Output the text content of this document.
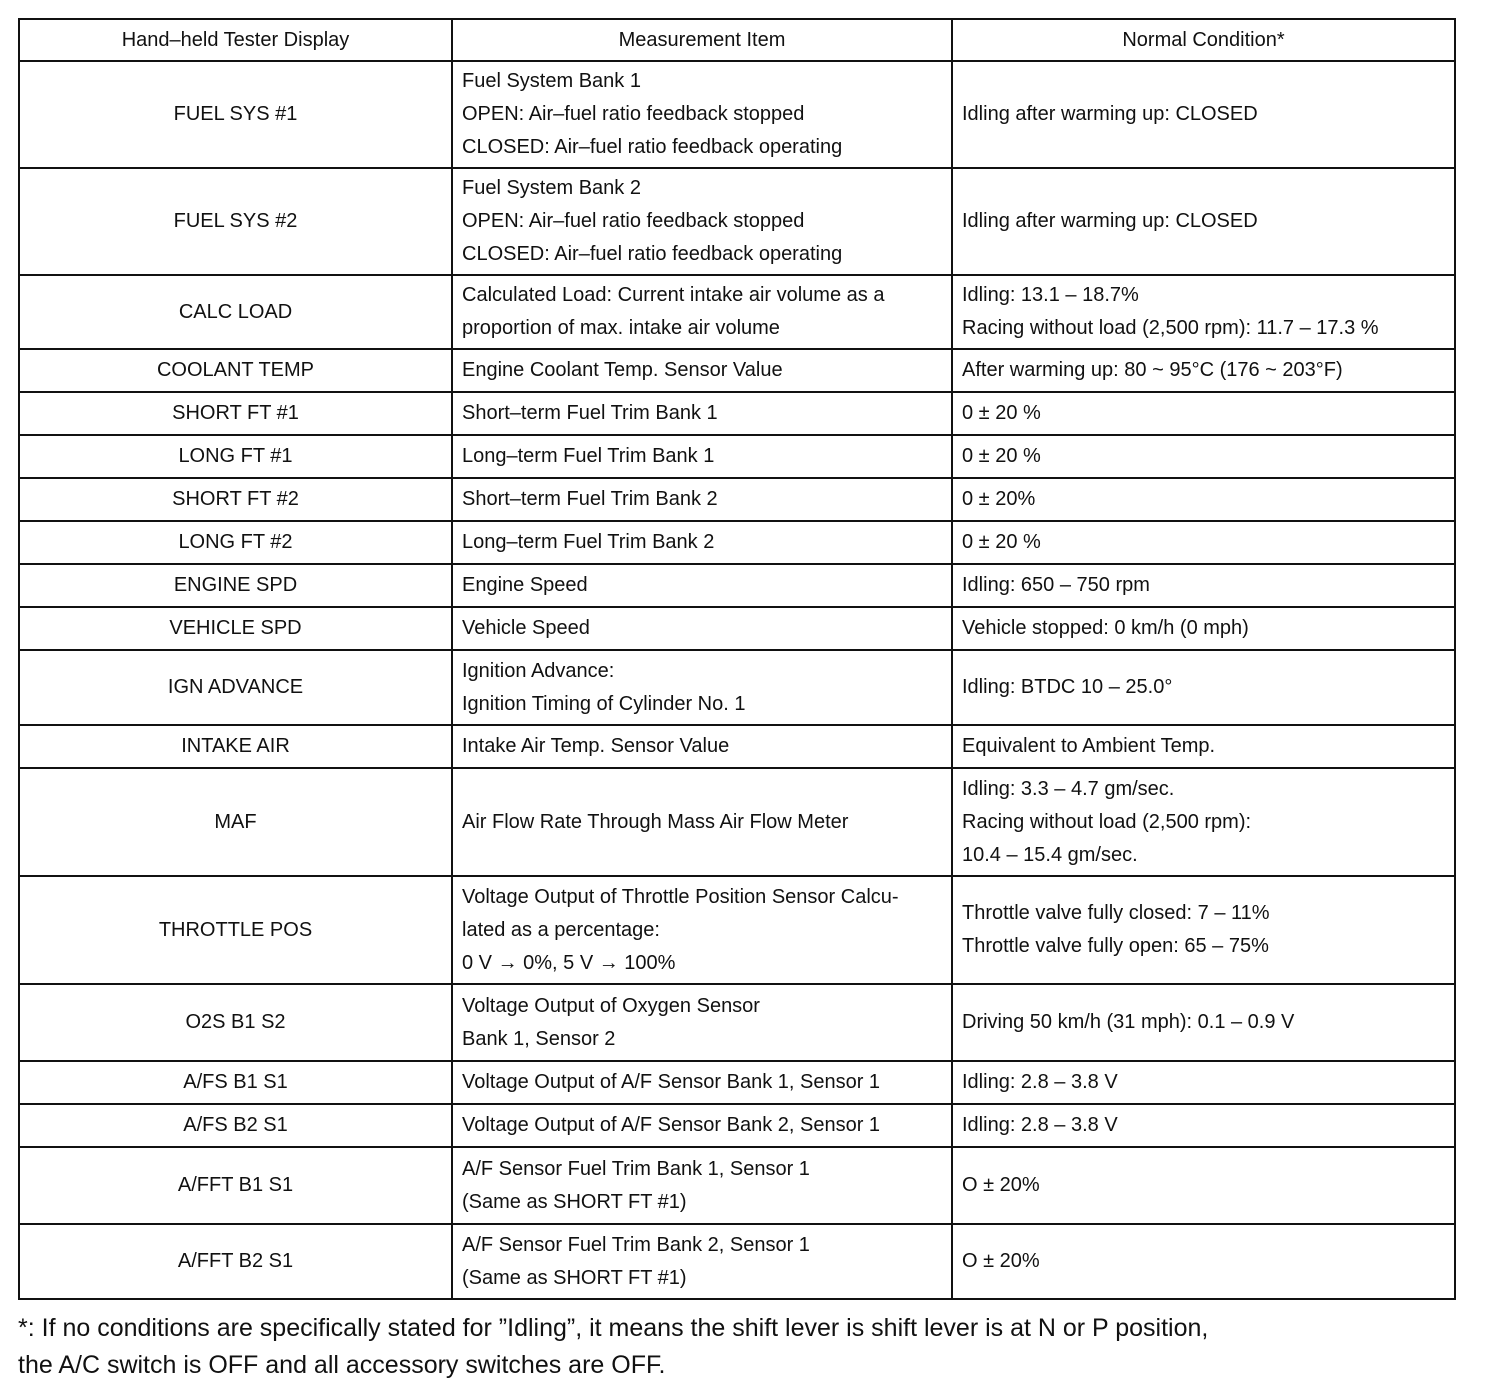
Hand–held Tester Display	Measurement Item	Normal Condition*
FUEL SYS #1	Fuel System Bank 1
OPEN: Air–fuel ratio feedback stopped
CLOSED: Air–fuel ratio feedback operating	Idling after warming up: CLOSED

FUEL SYS #2	Fuel System Bank 2
OPEN: Air–fuel ratio feedback stopped
CLOSED: Air–fuel ratio feedback operating	Idling after warming up: CLOSED

CALC LOAD	Calculated Load: Current intake air volume as a
proportion of max. intake air volume	Idling: 13.1 – 18.7%
Racing without load (2,500 rpm): 11.7 – 17.3 %

COOLANT TEMP	Engine Coolant Temp. Sensor Value	After warming up: 80 ~ 95°C (176 ~ 203°F)

SHORT FT #1	Short–term Fuel Trim Bank 1	0 ± 20 %

LONG FT #1	Long–term Fuel Trim Bank 1	0 ± 20 %

SHORT FT #2	Short–term Fuel Trim Bank 2	0 ± 20%

LONG FT #2	Long–term Fuel Trim Bank 2	0 ± 20 %

ENGINE SPD	Engine Speed	Idling: 650 – 750 rpm

VEHICLE SPD	Vehicle Speed	Vehicle stopped: 0 km/h (0 mph)

IGN ADVANCE	Ignition Advance:
Ignition Timing of Cylinder No. 1	Idling: BTDC 10 – 25.0°

INTAKE AIR	Intake Air Temp. Sensor Value	Equivalent to Ambient Temp.

MAF	Air Flow Rate Through Mass Air Flow Meter	Idling: 3.3 – 4.7 gm/sec.
Racing without load (2,500 rpm):
10.4 – 15.4 gm/sec.

THROTTLE POS	Voltage Output of Throttle Position Sensor Calcu-
lated as a percentage:
0 V → 0%, 5 V → 100%	Throttle valve fully closed: 7 – 11%
Throttle valve fully open: 65 – 75%

O2S B1 S2	Voltage Output of Oxygen Sensor
Bank 1, Sensor 2	Driving 50 km/h (31 mph): 0.1 – 0.9 V

A/FS B1 S1	Voltage Output of A/F Sensor Bank 1, Sensor 1	Idling: 2.8 – 3.8 V

A/FS B2 S1	Voltage Output of A/F Sensor Bank 2, Sensor 1	Idling: 2.8 – 3.8 V

A/FFT B1 S1	A/F Sensor Fuel Trim Bank 1, Sensor 1
(Same as SHORT FT #1)	O ± 20%

A/FFT B2 S1	A/F Sensor Fuel Trim Bank 2, Sensor 1
(Same as SHORT FT #1)	O ± 20%
*: If no conditions are specifically stated for ”Idling”, it means the shift lever is shift lever is at N or P position,
the A/C switch is OFF and all accessory switches are OFF.
